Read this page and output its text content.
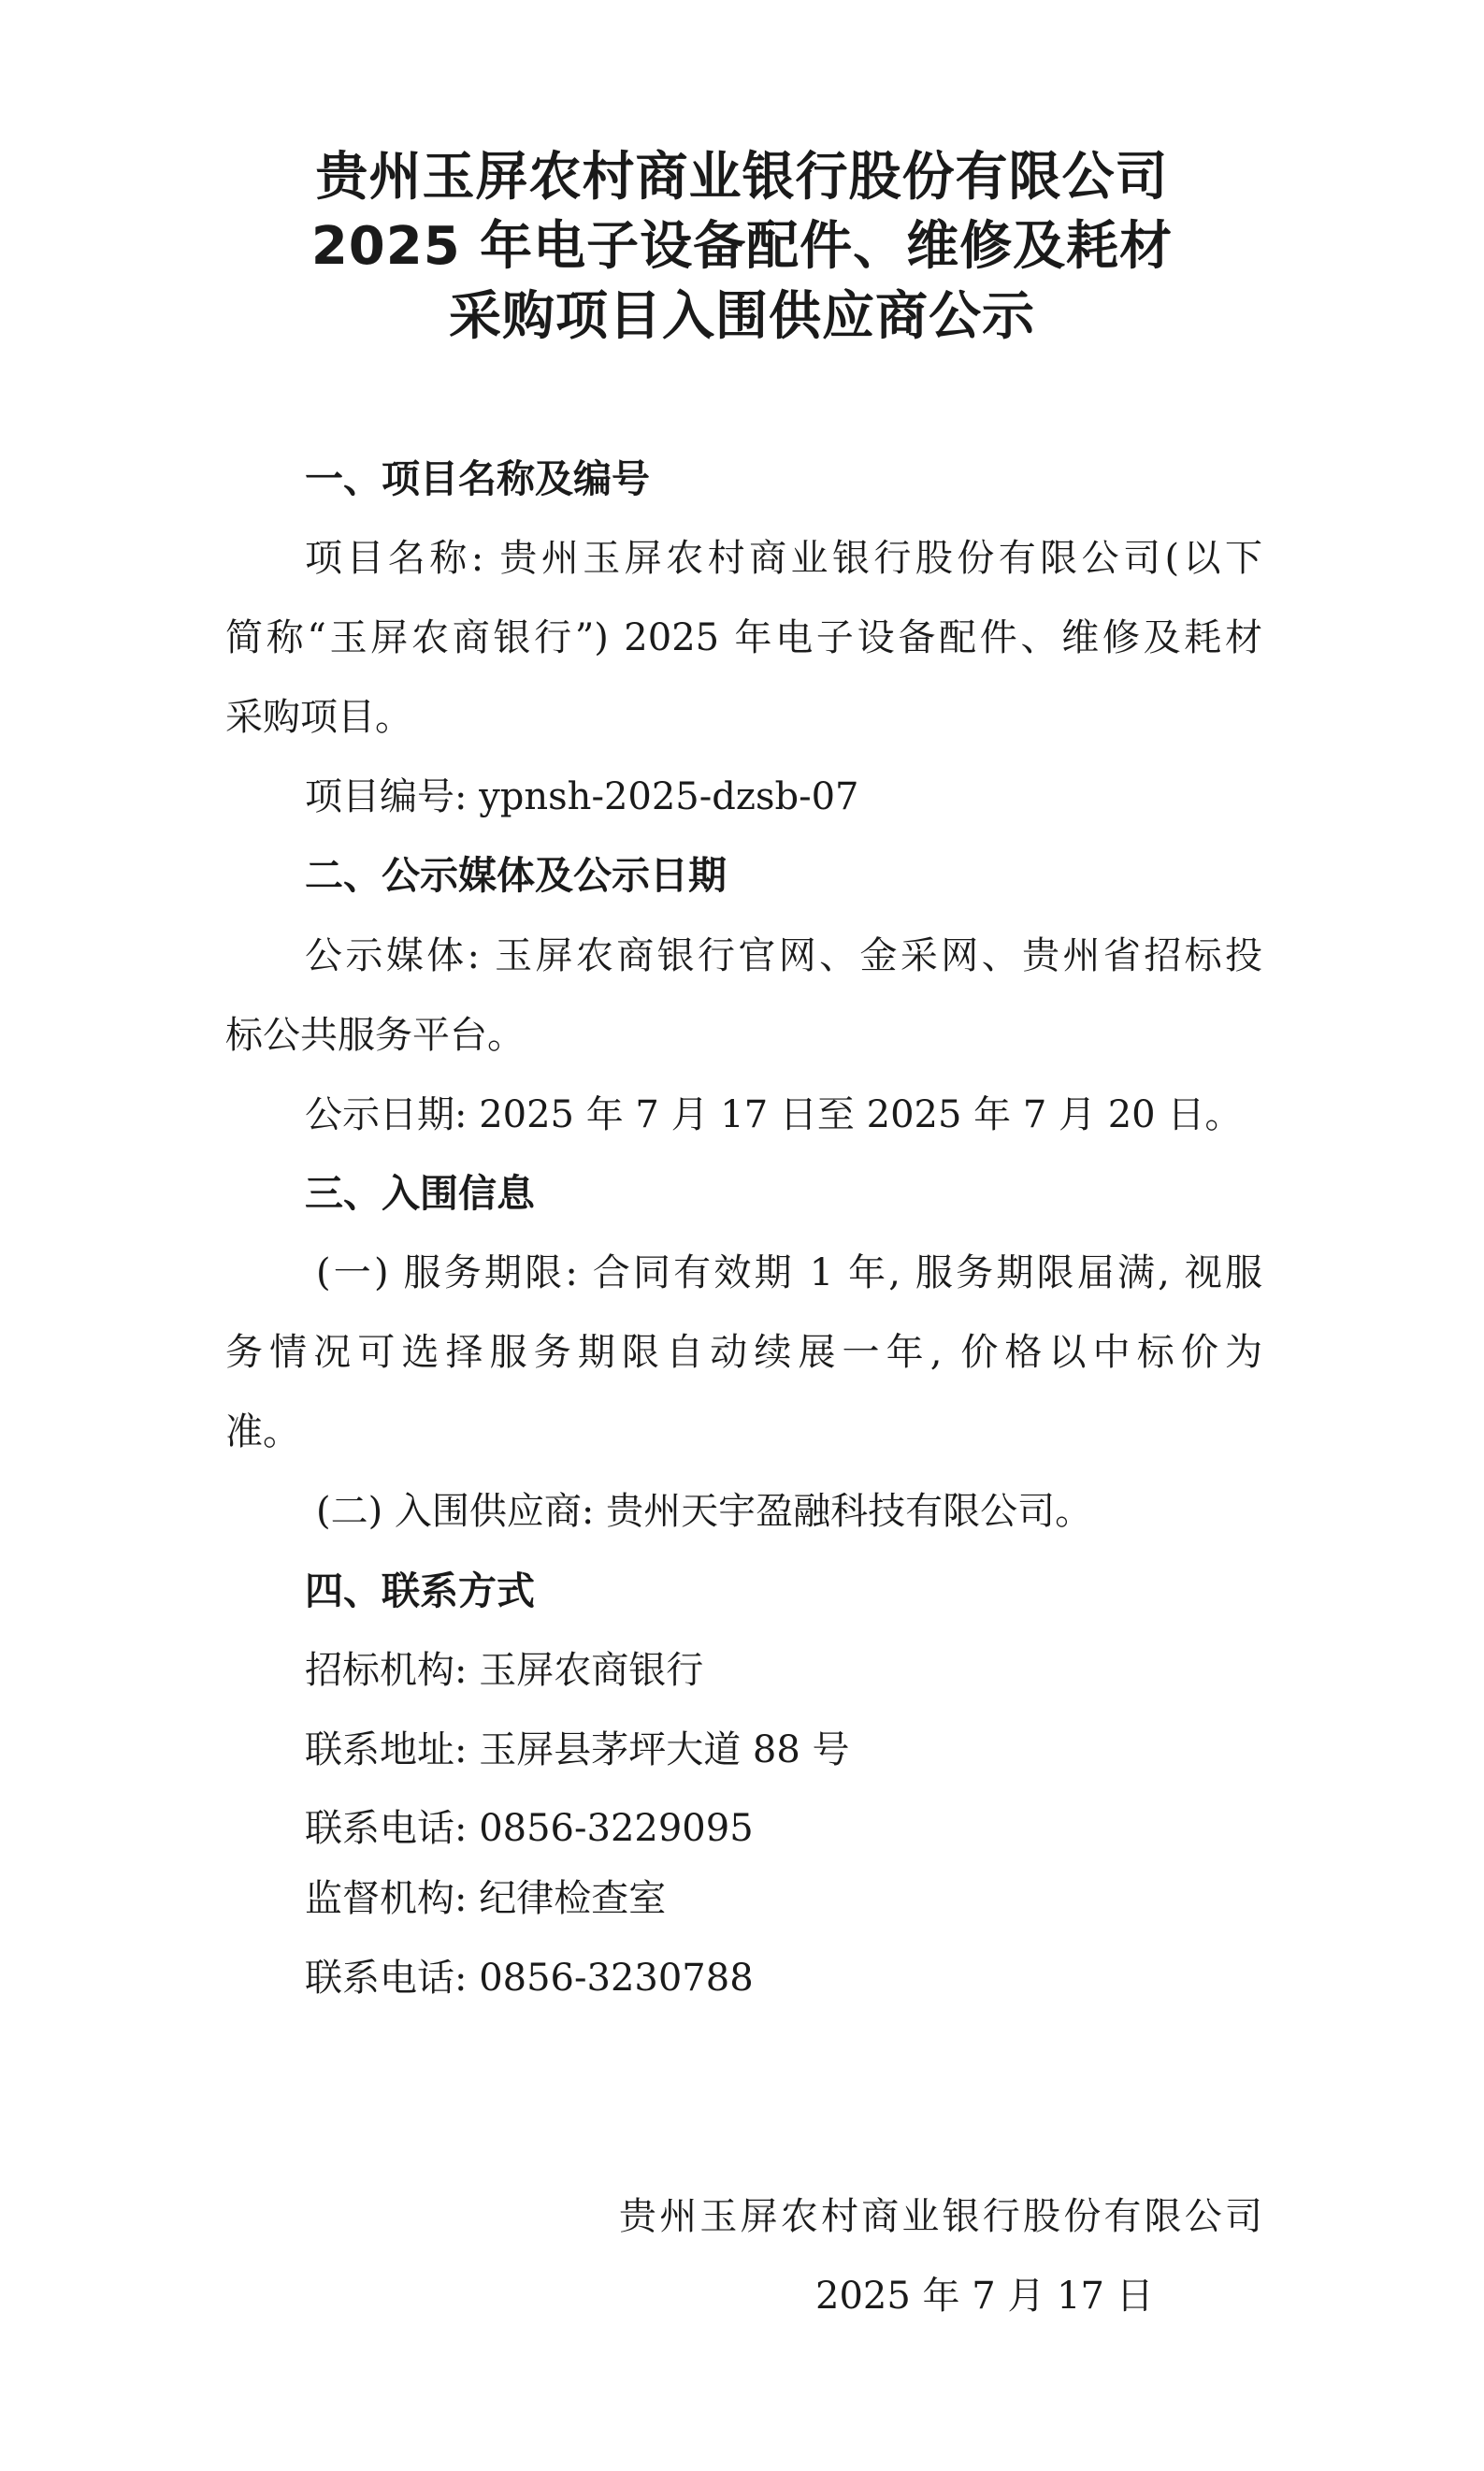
贵州玉屏农村商业银行股份有限公司
2025 年电子设备配件、维修及耗材
采购项目入围供应商公示
一、项目名称及编号
项目名称: 贵州玉屏农村商业银行股份有限公司(以下
简称“玉屏农商银行”) 2025 年电子设备配件、维修及耗材
采购项目。
项目编号: ypnsh-2025-dzsb-07
二、公示媒体及公示日期
公示媒体: 玉屏农商银行官网、金采网、贵州省招标投
标公共服务平台。
公示日期: 2025 年 7 月 17 日至 2025 年 7 月 20 日。
三、入围信息
(一) 服务期限: 合同有效期 1 年, 服务期限届满, 视服
务情况可选择服务期限自动续展一年, 价格以中标价为
准。
(二) 入围供应商: 贵州天宇盈融科技有限公司。
四、联系方式
招标机构: 玉屏农商银行
联系地址: 玉屏县茅坪大道 88 号
联系电话: 0856-3229095
监督机构: 纪律检查室
联系电话: 0856-3230788
贵州玉屏农村商业银行股份有限公司
2025 年 7 月 17 日
